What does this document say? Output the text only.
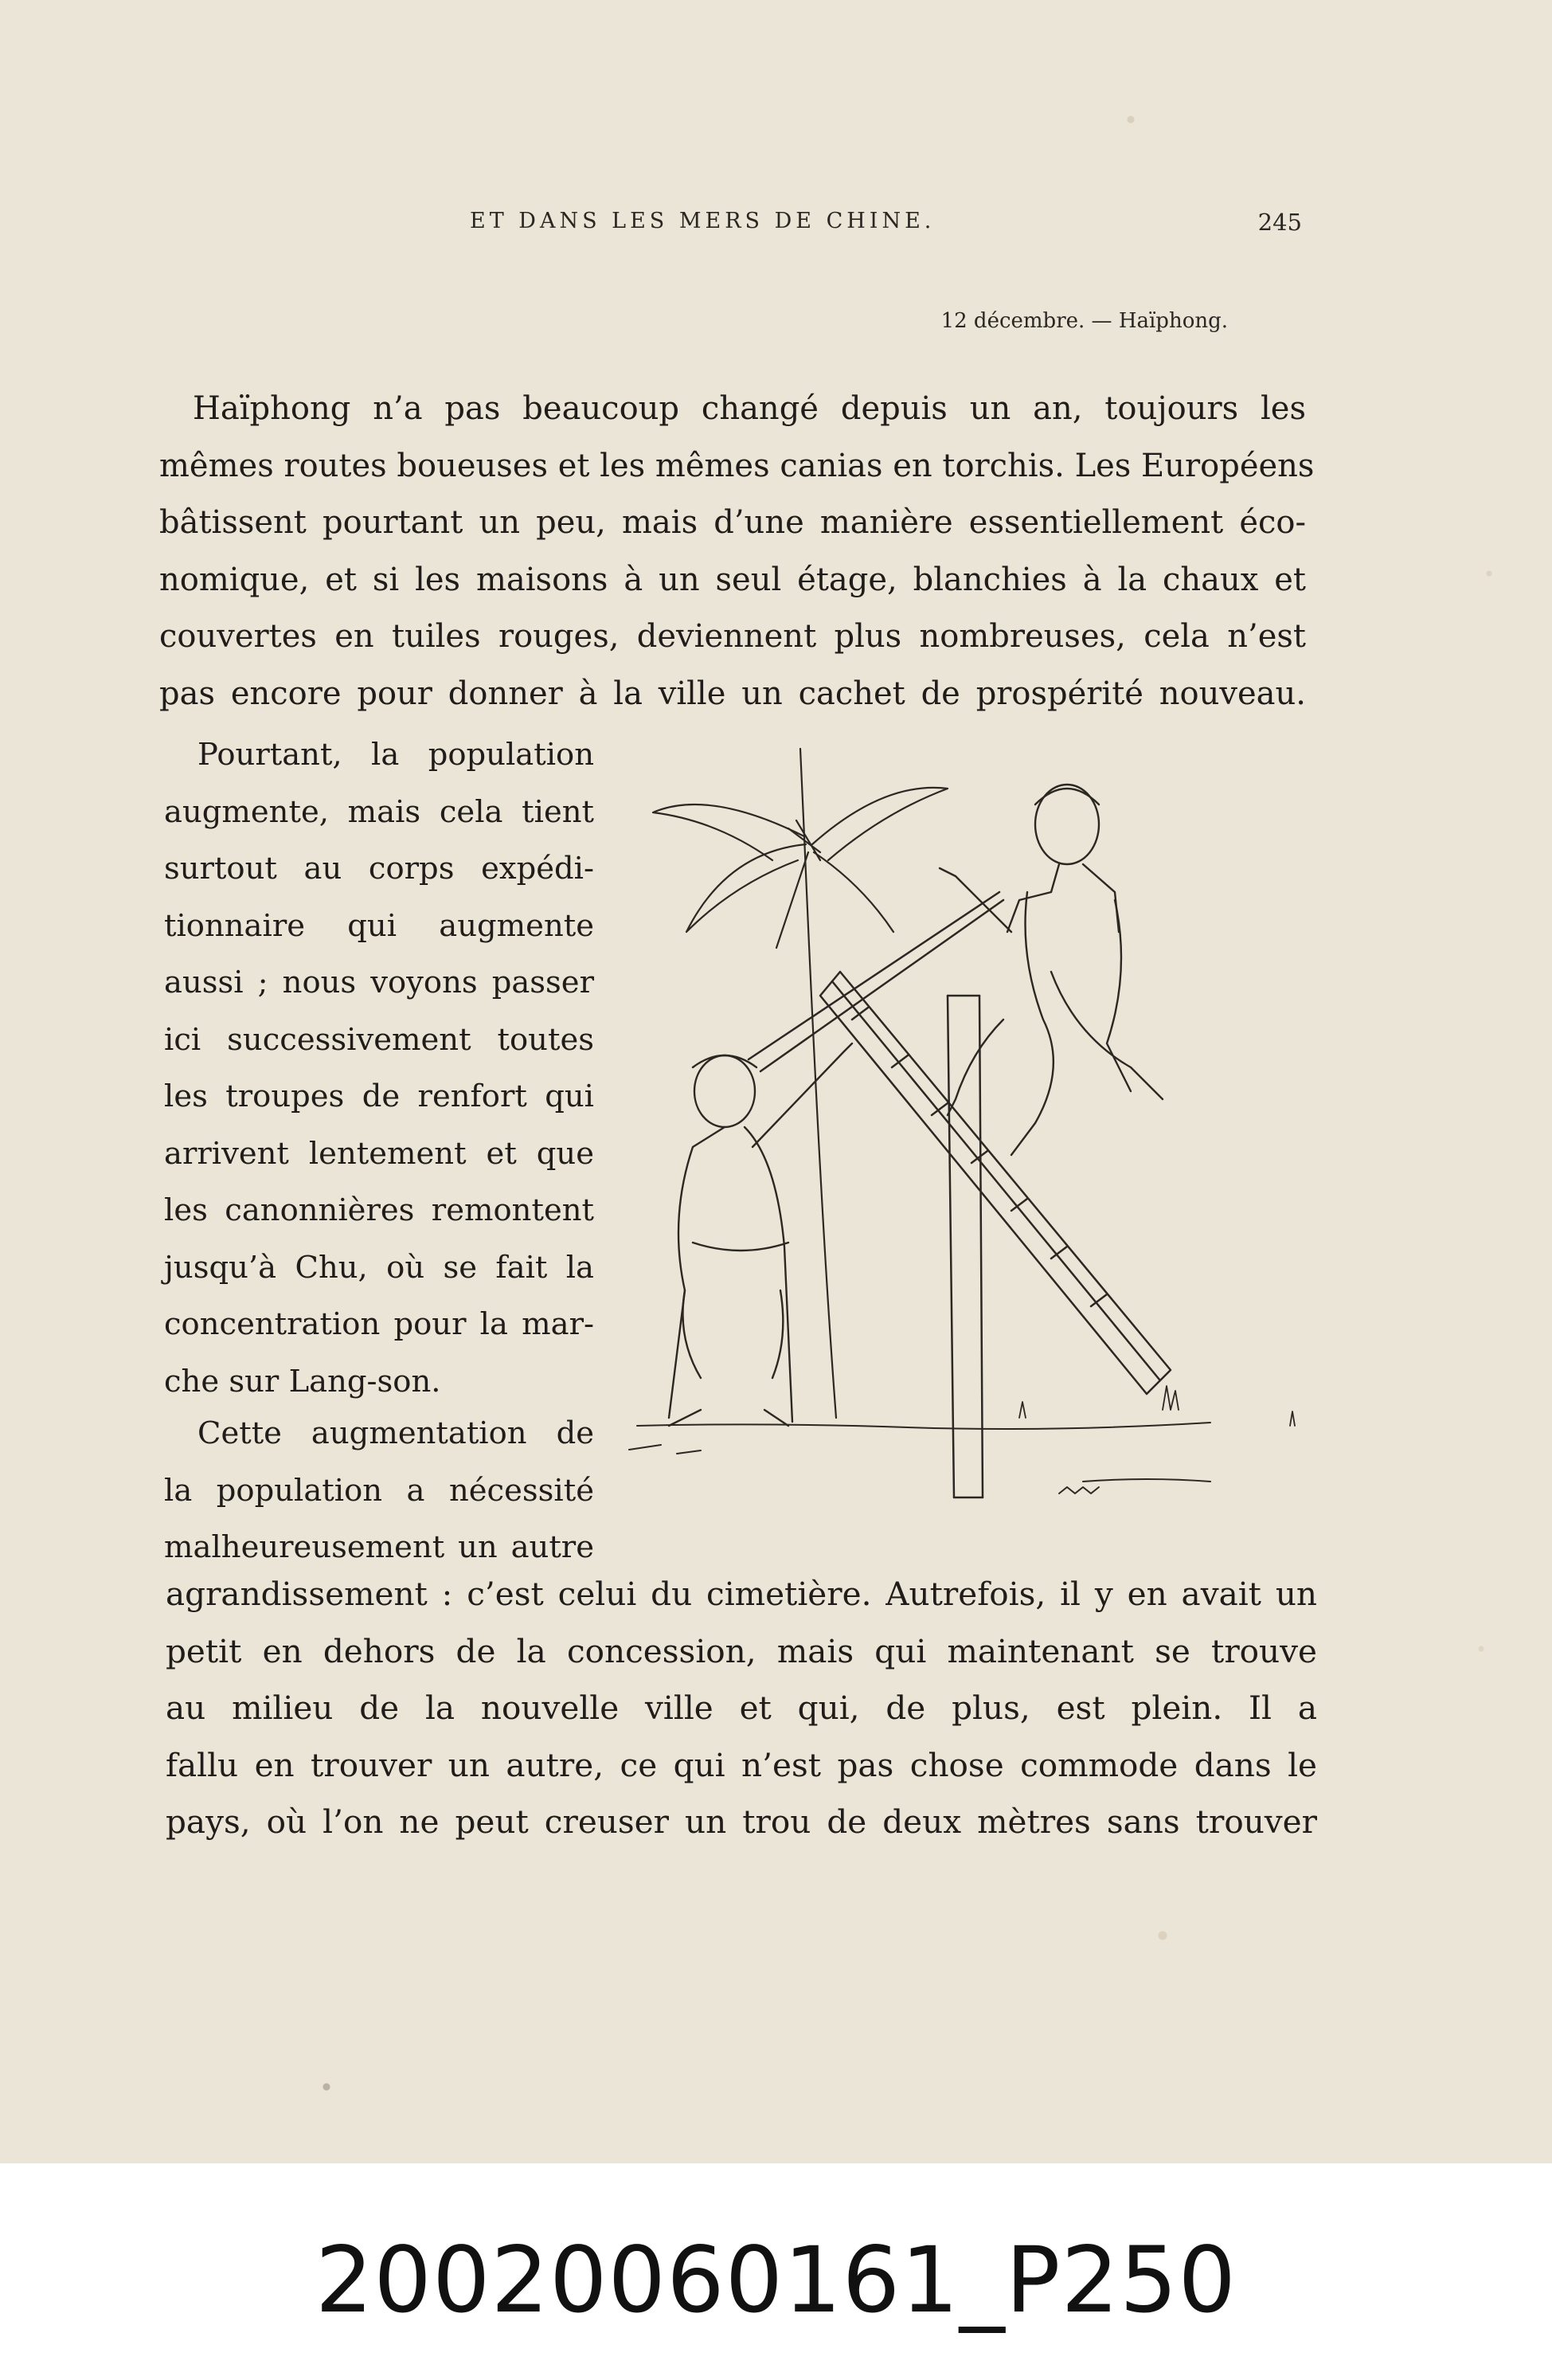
ET DANS LES MERS DE CHINE.	245
12 décembre. — Haïphong.
Haïphong n’a pas beaucoup changé depuis un an, toujours les
mêmes routes boueuses et les mêmes canias en torchis. Les Européens
bâtissent pourtant un peu, mais d’une manière essentiellement éco-
nomique, et si les maisons à un seul étage, blanchies à la chaux et
couvertes en tuiles rouges, deviennent plus nombreuses, cela n’est
pas encore pour donner à la ville un cachet de prospérité nouveau.
Pourtant, la population
augmente, mais cela tient
surtout au corps expédi-
tionnaire qui augmente
aussi ; nous voyons passer
ici successivement toutes
les troupes de renfort qui
arrivent lentement et que
les canonnières remontent
jusqu’à Chu, où se fait la
concentration pour la mar-
che sur Lang-son.
Cette augmentation de
la population a nécessité
malheureusement un autre
agrandissement : c’est celui du cimetière. Autrefois, il y en avait un
petit en dehors de la concession, mais qui maintenant se trouve
au milieu de la nouvelle ville et qui, de plus, est plein. Il a
fallu en trouver un autre, ce qui n’est pas chose commode dans le
pays, où l’on ne peut creuser un trou de deux mètres sans trouver
20020060161_P250
